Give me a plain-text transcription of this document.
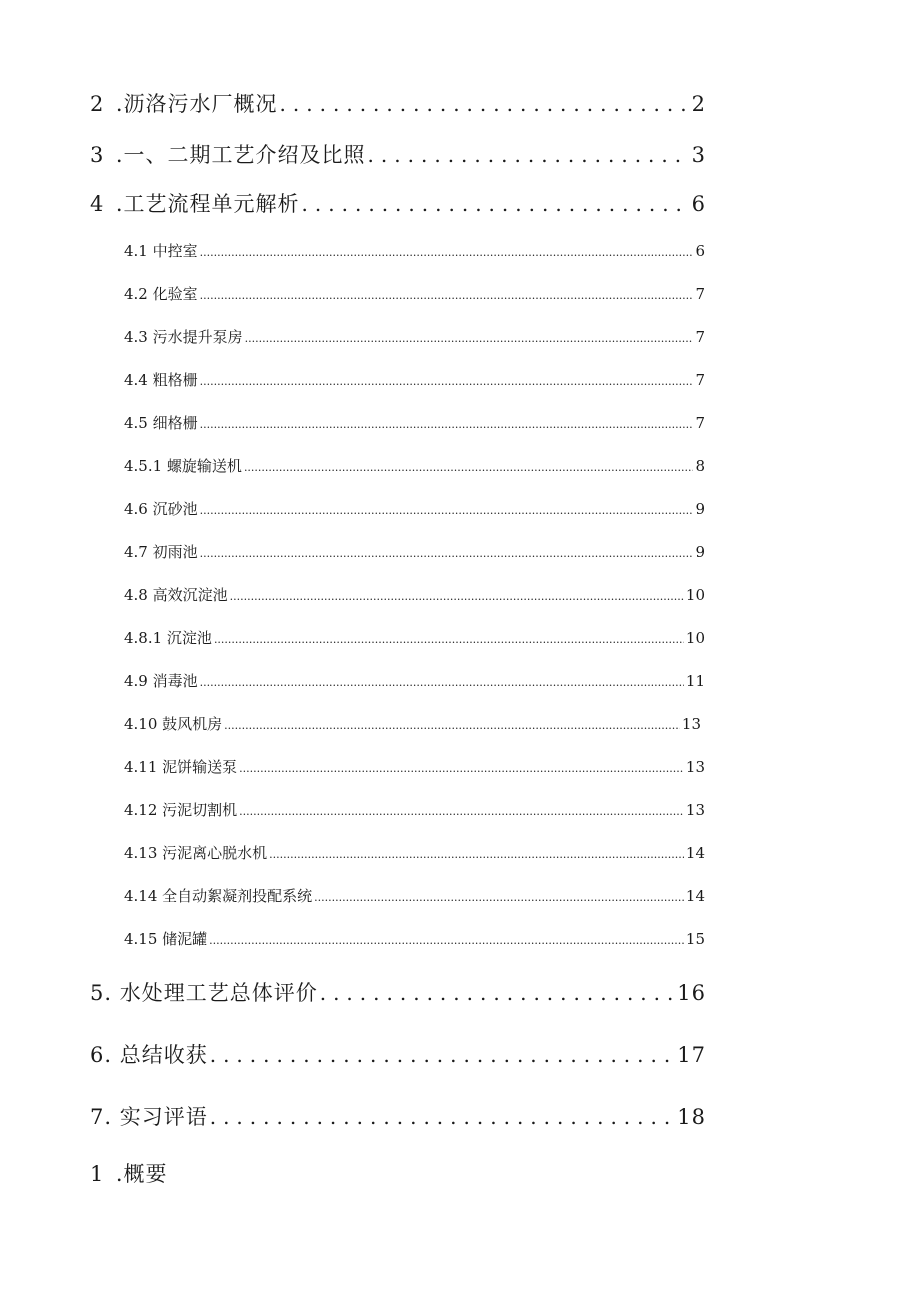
2 .沥洛污水厂概况 .....	2
3 .一、二期工艺介绍及比照 .....	3
4 .工艺流程单元解析 .....	6
4.1 中控室 .....	6
4.2 化验室 .....	7
4.3 污水提升泵房 .....	7
4.4 粗格栅 .....	7
4.5 细格栅 .....	7
4.5.1 螺旋输送机 .....	8
4.6 沉砂池 .....	9
4.7 初雨池 .....	9
4.8 高效沉淀池 .....	10
4.8.1 沉淀池 .....	10
4.9 消毒池 .....	11
4.10 鼓风机房 .....	13
4.11 泥饼输送泵 .....	13
4.12 污泥切割机 .....	13
4.13 污泥离心脱水机 .....	14
4.14 全自动絮凝剂投配系统 .....	14
4.15 储泥罐 .....	15
5. 水处理工艺总体评价 .....	16
6. 总结收获 .....	17
7. 实习评语 .....	18
1 .概要
